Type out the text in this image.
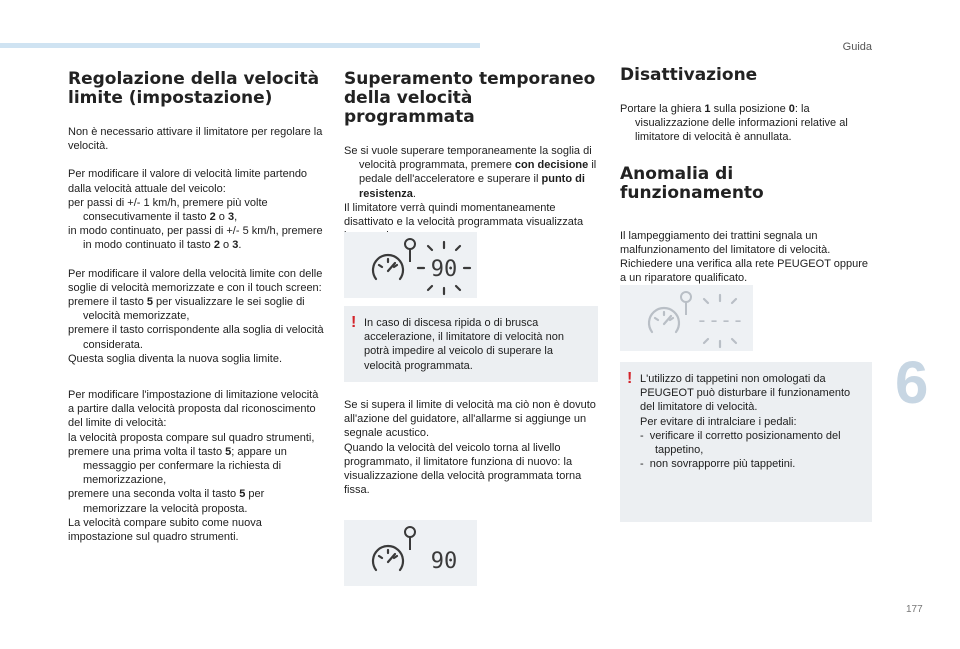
Guida
6
177
Regolazione della velocità
limite (impostazione)

Non è necessario attivare il limitatore per regolare la velocità.

Per modificare il valore di velocità limite partendo dalla velocità attuale del veicolo:
per passi di +/- 1 km/h, premere più volte consecutivamente il tasto 2 o 3,
in modo continuato, per passi di +/- 5 km/h, premere in modo continuato il tasto 2 o 3.

Per modificare il valore della velocità limite con delle soglie di velocità memorizzate e con il touch screen:
premere il tasto 5 per visualizzare le sei soglie di velocità memorizzate,
premere il tasto corrispondente alla soglia di velocità considerata.
Questa soglia diventa la nuova soglia limite.

Per modificare l'impostazione di limitazione velocità a partire dalla velocità proposta dal riconoscimento del limite di velocità:
la velocità proposta compare sul quadro strumenti,
premere una prima volta il tasto 5; appare un messaggio per confermare la richiesta di memorizzazione,
premere una seconda volta il tasto 5 per memorizzare la velocità proposta.
La velocità compare subito come nuova impostazione sul quadro strumenti.

Superamento temporaneo
della velocità programmata

Se si vuole superare temporaneamente la soglia di velocità programmata, premere con decisione il pedale dell'acceleratore e superare il punto di resistenza.
Il limitatore verrà quindi momentaneamente disattivato e la velocità programmata visualizzata

90
! In caso di discesa ripida o di brusca accelerazione, il limitatore di velocità non potrà impedire al veicolo di superare la velocità programmata.

Se si supera il limite di velocità ma ciò non è dovuto all'azione del guidatore, all'allarme si aggiunge un segnale acustico.
Quando la velocità del veicolo torna al livello programmato, il limitatore funziona di nuovo: la visualizzazione della velocità programmata torna fissa.

90
Disattivazione

Portare la ghiera 1 sulla posizione 0: la visualizzazione delle informazioni relative al limitatore di velocità è annullata.

Anomalia di funzionamento

Il lampeggiamento dei trattini segnala un malfunzionamento del limitatore di velocità. Richiedere una verifica alla rete PEUGEOT oppure a un riparatore qualificato.

----
! L'utilizzo di tappetini non omologati da PEUGEOT può disturbare il funzionamento del limitatore di velocità.
Per evitare di intralciare i pedali:
- verificare il corretto posizionamento del tappetino,
- non sovrapporre più tappetini.
